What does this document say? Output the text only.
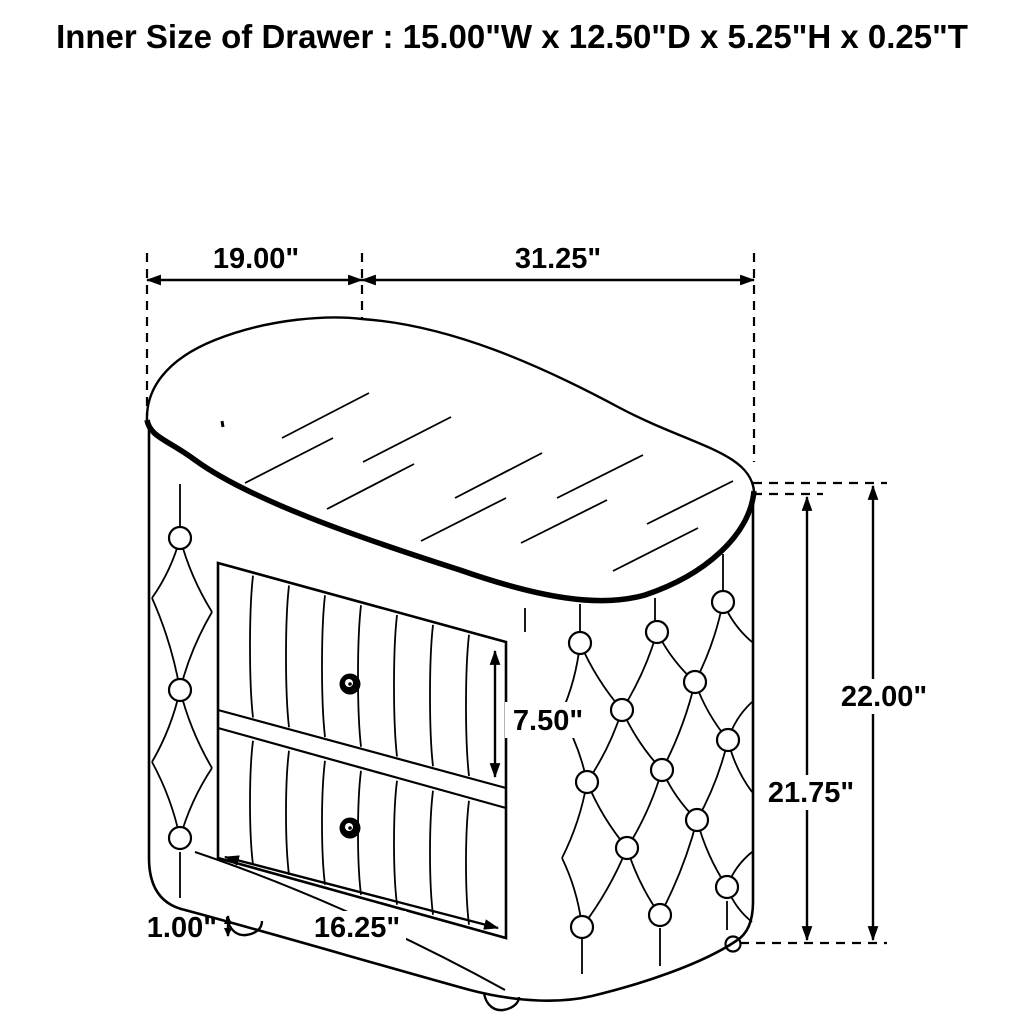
Inner Size of Drawer : 15.00"W x 12.50"D x 5.25"H x 0.25"T
19.00"	31.25"
22.00"
21.75"
7.50"
16.25"
1.00"
